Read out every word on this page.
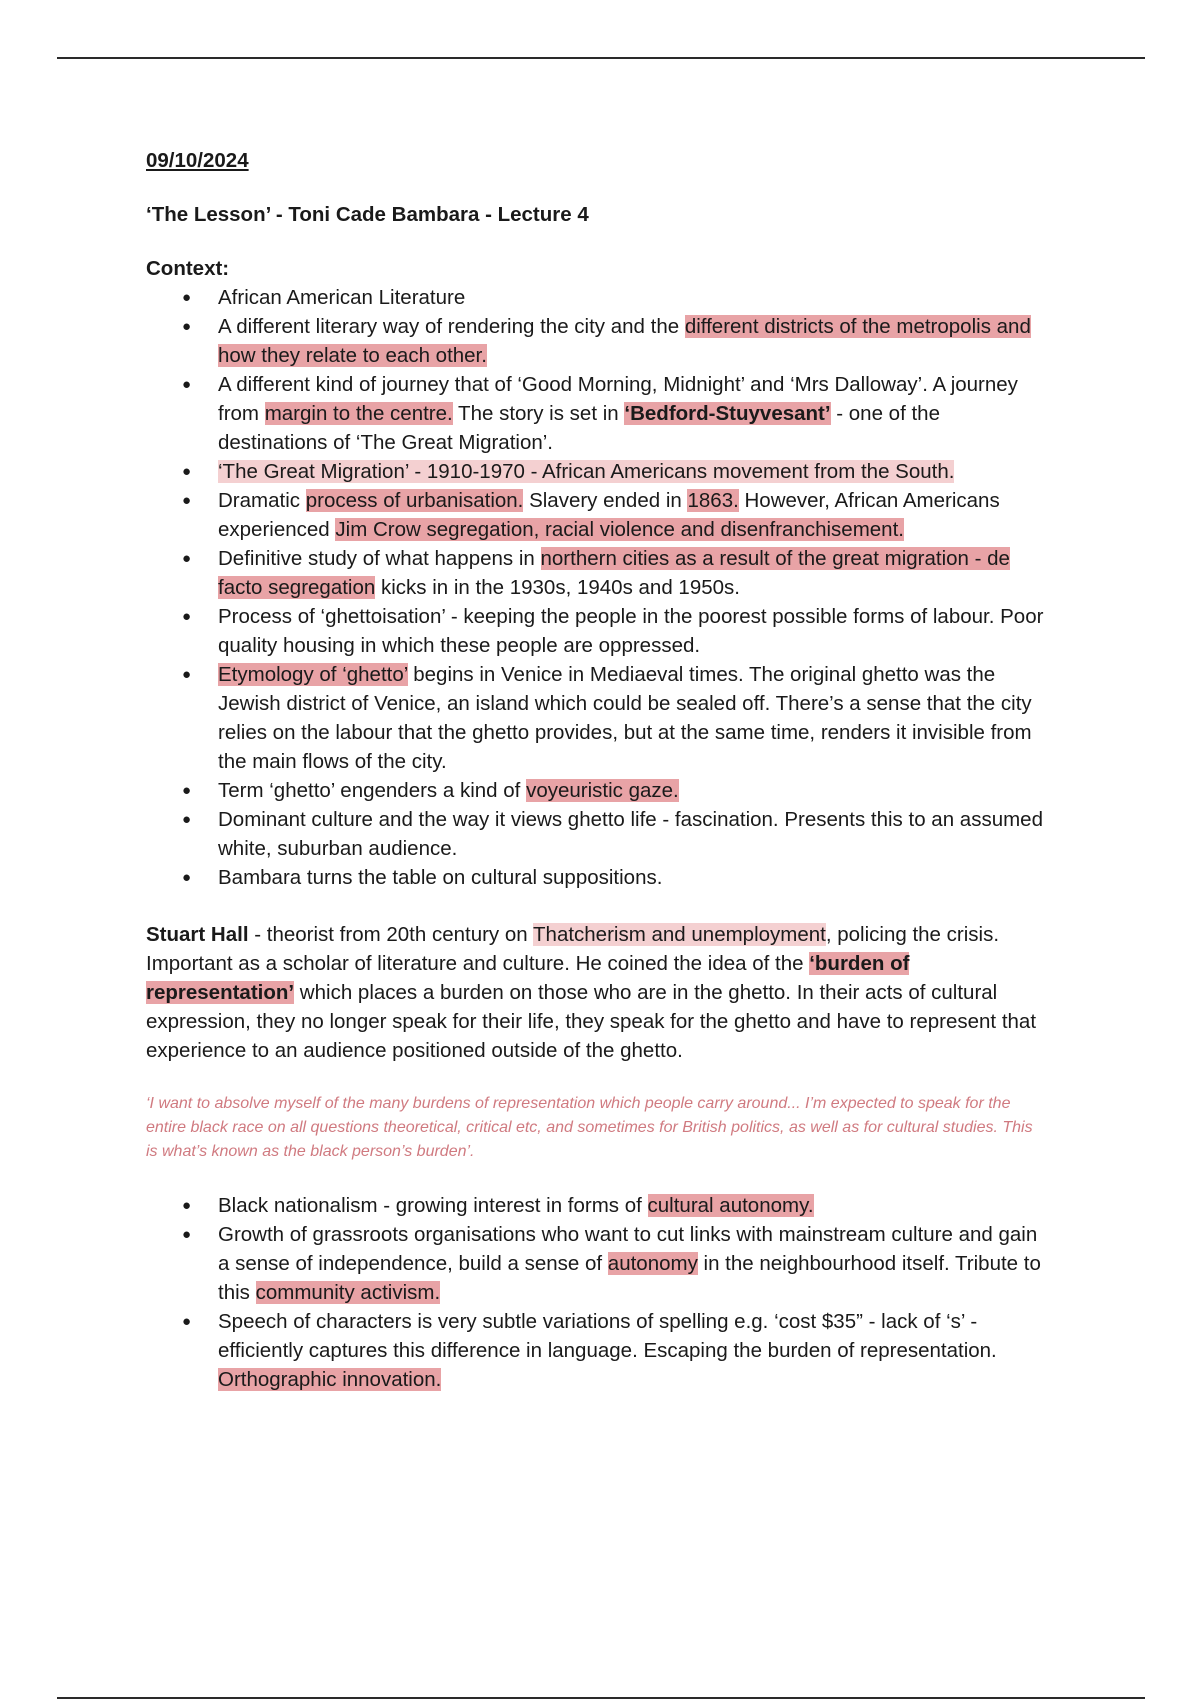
09/10/2024

‘The Lesson’ - Toni Cade Bambara - Lecture 4

Context:

● African American Literature
● A different literary way of rendering the city and the different districts of the metropolis and how they relate to each other.
● A different kind of journey that of ‘Good Morning, Midnight’ and ‘Mrs Dalloway’. A journey from margin to the centre. The story is set in ‘Bedford-Stuyvesant’ - one of the destinations of ‘The Great Migration’.
● ‘The Great Migration’ - 1910-1970 - African Americans movement from the South.
● Dramatic process of urbanisation. Slavery ended in 1863. However, African Americans experienced Jim Crow segregation, racial violence and disenfranchisement.
● Definitive study of what happens in northern cities as a result of the great migration - de facto segregation kicks in in the 1930s, 1940s and 1950s.
● Process of ‘ghettoisation’ - keeping the people in the poorest possible forms of labour. Poor quality housing in which these people are oppressed.
● Etymology of ‘ghetto’ begins in Venice in Mediaeval times. The original ghetto was the Jewish district of Venice, an island which could be sealed off. There’s a sense that the city relies on the labour that the ghetto provides, but at the same time, renders it invisible from the main flows of the city.
● Term ‘ghetto’ engenders a kind of voyeuristic gaze.
● Dominant culture and the way it views ghetto life - fascination. Presents this to an assumed white, suburban audience.
● Bambara turns the table on cultural suppositions.

Stuart Hall - theorist from 20th century on Thatcherism and unemployment, policing the crisis. Important as a scholar of literature and culture. He coined the idea of the ‘burden of representation’ which places a burden on those who are in the ghetto. In their acts of cultural expression, they no longer speak for their life, they speak for the ghetto and have to represent that experience to an audience positioned outside of the ghetto.

‘I want to absolve myself of the many burdens of representation which people carry around... I’m expected to speak for the entire black race on all questions theoretical, critical etc, and sometimes for British politics, as well as for cultural studies. This is what’s known as the black person’s burden’.

● Black nationalism - growing interest in forms of cultural autonomy.
● Growth of grassroots organisations who want to cut links with mainstream culture and gain a sense of independence, build a sense of autonomy in the neighbourhood itself. Tribute to this community activism.
● Speech of characters is very subtle variations of spelling e.g. ‘cost $35” - lack of ‘s’ - efficiently captures this difference in language. Escaping the burden of representation. Orthographic innovation.
